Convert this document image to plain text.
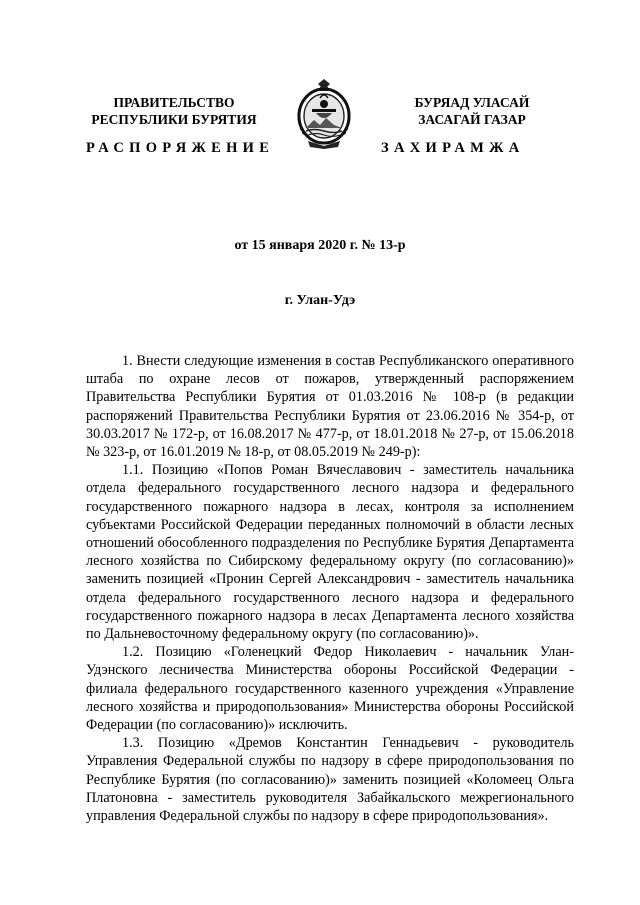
ПРАВИТЕЛЬСТВО
РЕСПУБЛИКИ БУРЯТИЯ
БУРЯАД УЛАСАЙ
ЗАСАГАЙ ГАЗАР
РАСПОРЯЖЕНИЕ	ЗАХИРАМЖА
от 15 января 2020 г. № 13-р
г. Улан-Удэ

1. Внести следующие изменения в состав Республиканского оперативного штаба по охране лесов от пожаров, утвержденный распоряжением Правительства Республики Бурятия от 01.03.2016 № 108-р (в редакции распоряжений Правительства Республики Бурятия от 23.06.2016 № 354-р, от 30.03.2017 № 172-р, от 16.08.2017 № 477-р, от 18.01.2018 № 27-р, от 15.06.2018 № 323-р, от 16.01.2019 № 18-р, от 08.05.2019 № 249-р):

1.1. Позицию «Попов Роман Вячеславович - заместитель начальника отдела федерального государственного лесного надзора и федерального государственного пожарного надзора в лесах, контроля за исполнением субъектами Российской Федерации переданных полномочий в области лесных отношений обособленного подразделения по Республике Бурятия Департамента лесного хозяйства по Сибирскому федеральному округу (по согласованию)» заменить позицией «Пронин Сергей Александрович - заместитель начальника отдела федерального государственного лесного надзора и федерального государственного пожарного надзора в лесах Департамента лесного хозяйства по Дальневосточному федеральному округу (по согласованию)».

1.2. Позицию «Голенецкий Федор Николаевич - начальник Улан-Удэнского лесничества Министерства обороны Российской Федерации - филиала федерального государственного казенного учреждения «Управление лесного хозяйства и природопользования» Министерства обороны Российской Федерации (по согласованию)» исключить.

1.3. Позицию «Дремов Константин Геннадьевич - руководитель Управления Федеральной службы по надзору в сфере природопользования по Республике Бурятия (по согласованию)» заменить позицией «Коломеец Ольга Платоновна - заместитель руководителя Забайкальского межрегионального управления Федеральной службы по надзору в сфере природопользования».
